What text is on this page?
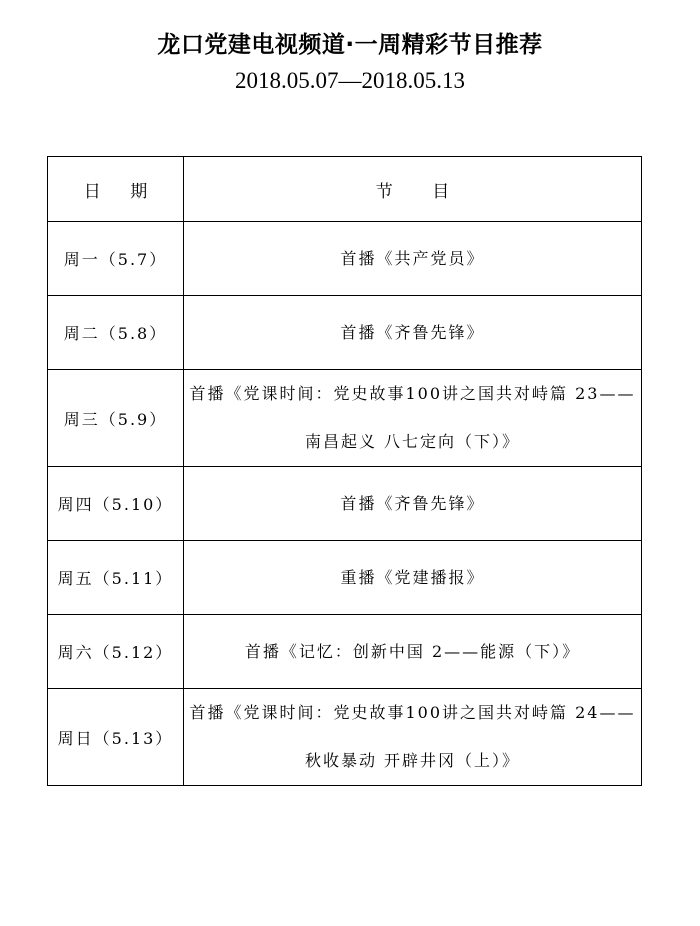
龙口党建电视频道·一周精彩节目推荐
2018.05.07—2018.05.13
日 期	节 目
周一（5.7）	首播《共产党员》
周二（5.8）	首播《齐鲁先锋》
周三（5.9）	首播《党课时间：党史故事100讲之国共对峙篇 23——南昌起义 八七定向（下）》
周四（5.10）	首播《齐鲁先锋》
周五（5.11）	重播《党建播报》
周六（5.12）	首播《记忆：创新中国 2——能源（下）》
周日（5.13）	首播《党课时间：党史故事100讲之国共对峙篇 24——秋收暴动 开辟井冈（上）》
